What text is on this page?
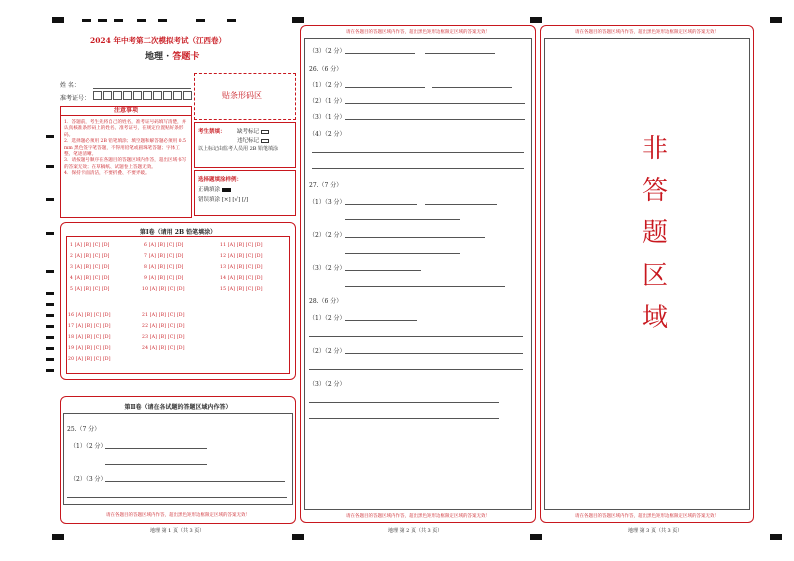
2024 年中考第二次模拟考试（江西卷）
地理 · 答题卡
姓 名：
准考证号：	贴条形码区
注意事项
1．答题前，考生先将自己的姓名，准考证号码填写清楚，并认真核准条形码上的姓名、准考证号，在规定位置贴好条形码。
2．选择题必须用 2B 铅笔填涂；填空题和解答题必须用 0.5 mm 黑色签字笔答题，不得用铅笔或圆珠笔答题；字体工整、笔迹清晰。
3．请按题号顺序在各题目的答题区域内作答，超出区域书写的答案无效；在草稿纸、试题卷上答题无效。
4．保持卡面清洁，不要折叠、不要弄破。
考生禁填： 缺考标记
违纪标记
以上标记由监考人员用 2B 铅笔填涂
选择题填涂样例：
正确填涂
错误填涂 [×] [√] [/]
第Ⅰ卷（请用 2B 铅笔填涂）
1 [A] [B] [C] [D]
2 [A] [B] [C] [D]
3 [A] [B] [C] [D]
4 [A] [B] [C] [D]
5 [A] [B] [C] [D]
6 [A] [B] [C] [D]
7 [A] [B] [C] [D]
8 [A] [B] [C] [D]
9 [A] [B] [C] [D]
10 [A] [B] [C] [D]
11 [A] [B] [C] [D]
12 [A] [B] [C] [D]
13 [A] [B] [C] [D]
14 [A] [B] [C] [D]
15 [A] [B] [C] [D]
16 [A] [B] [C] [D]
17 [A] [B] [C] [D]
18 [A] [B] [C] [D]
19 [A] [B] [C] [D]
20 [A] [B] [C] [D]
21 [A] [B] [C] [D]
22 [A] [B] [C] [D]
23 [A] [B] [C] [D]
24 [A] [B] [C] [D]
第Ⅱ卷（请在各试题的答题区域内作答）
25.（7 分）
（1）（2 分）
（2）（3 分）
请在各题目的答题区域内作答，超出黑色矩形边框限定区域的答案无效！
地理 第 1 页（共 3 页）
请在各题目的答题区域内作答，超出黑色矩形边框限定区域的答案无效！
（3）（2 分）
26.（6 分）
（1）（2 分）
（2）（1 分）
（3）（1 分）
（4）（2 分）
27.（7 分）
（1）（3 分）
（2）（2 分）
（3）（2 分）
28.（6 分）
（1）（2 分）
（2）（2 分）
（3）（2 分）
请在各题目的答题区域内作答，超出黑色矩形边框限定区域的答案无效！
地理 第 2 页（共 3 页）
请在各题目的答题区域内作答，超出黑色矩形边框限定区域的答案无效！
非
答
题
区
域
请在各题目的答题区域内作答，超出黑色矩形边框限定区域的答案无效！
地理 第 3 页（共 3 页）
